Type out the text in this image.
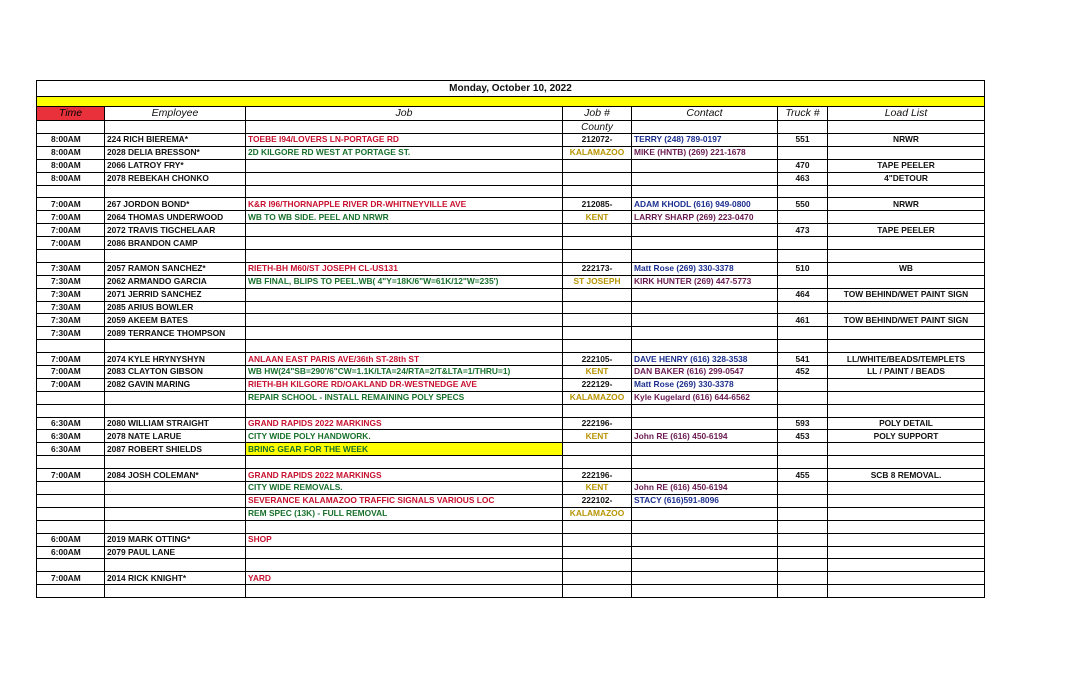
Monday, October 10, 2022						

Time	Employee	Job	Job #	Contact	Truck #	Load List
			County			
8:00AM	224 RICH BIEREMA*	TOEBE I94/LOVERS LN-PORTAGE RD	212072-	TERRY (248) 789-0197	551	NRWR
8:00AM	2028 DELIA BRESSON*	2D KILGORE RD WEST AT PORTAGE ST.	KALAMAZOO	MIKE (HNTB) (269) 221-1678		
8:00AM	2066 LATROY FRY*				470	TAPE PEELER
8:00AM	2078 REBEKAH CHONKO				463	4"DETOUR

7:00AM	267 JORDON BOND*	K&R I96/THORNAPPLE RIVER DR-WHITNEYVILLE AVE	212085-	ADAM KHODL (616) 949-0800	550	NRWR
7:00AM	2064 THOMAS UNDERWOOD	WB TO WB SIDE. PEEL AND NRWR	KENT	LARRY SHARP (269) 223-0470		
7:00AM	2072 TRAVIS TIGCHELAAR				473	TAPE PEELER
7:00AM	2086 BRANDON CAMP					

7:30AM	2057 RAMON SANCHEZ*	RIETH-BH M60/ST JOSEPH CL-US131	222173-	Matt Rose (269) 330-3378	510	WB
7:30AM	2062 ARMANDO GARCIA	WB FINAL, BLIPS TO PEEL.WB( 4"Y=18K/6"W=61K/12"W=235')	ST JOSEPH	KIRK HUNTER (269) 447-5773		
7:30AM	2071 JERRID SANCHEZ				464	TOW BEHIND/WET PAINT SIGN
7:30AM	2085 ARIUS BOWLER					
7:30AM	2059 AKEEM BATES				461	TOW BEHIND/WET PAINT SIGN
7:30AM	2089 TERRANCE THOMPSON					

7:00AM	2074 KYLE HRYNYSHYN	ANLAAN EAST PARIS AVE/36th ST-28th ST	222105-	DAVE HENRY (616) 328-3538	541	LL/WHITE/BEADS/TEMPLETS
7:00AM	2083 CLAYTON GIBSON	WB HW(24"SB=290'/6"CW=1.1K/LTA=24/RTA=2/T&LTA=1/THRU=1)	KENT	DAN BAKER (616) 299-0547	452	LL / PAINT / BEADS
7:00AM	2082 GAVIN MARING	RIETH-BH KILGORE RD/OAKLAND DR-WESTNEDGE AVE	222129-	Matt Rose (269) 330-3378		
		REPAIR SCHOOL - INSTALL REMAINING POLY SPECS	KALAMAZOO	Kyle Kugelard (616) 644-6562		

6:30AM	2080 WILLIAM STRAIGHT	GRAND RAPIDS 2022 MARKINGS	222196-		593	POLY DETAIL
6:30AM	2078 NATE LARUE	CITY WIDE POLY HANDWORK.	KENT	John RE (616) 450-6194	453	POLY SUPPORT
6:30AM	2087 ROBERT SHIELDS	BRING GEAR FOR THE WEEK				

7:00AM	2084 JOSH COLEMAN*	GRAND RAPIDS 2022 MARKINGS	222196-		455	SCB 8 REMOVAL.
		CITY WIDE REMOVALS.	KENT	John RE (616) 450-6194		
		SEVERANCE KALAMAZOO TRAFFIC SIGNALS VARIOUS LOC	222102-	STACY (616)591-8096		
		REM SPEC (13K) - FULL REMOVAL	KALAMAZOO			

6:00AM	2019 MARK OTTING*	SHOP				
6:00AM	2079 PAUL LANE					

7:00AM	2014 RICK KNIGHT*	YARD				
